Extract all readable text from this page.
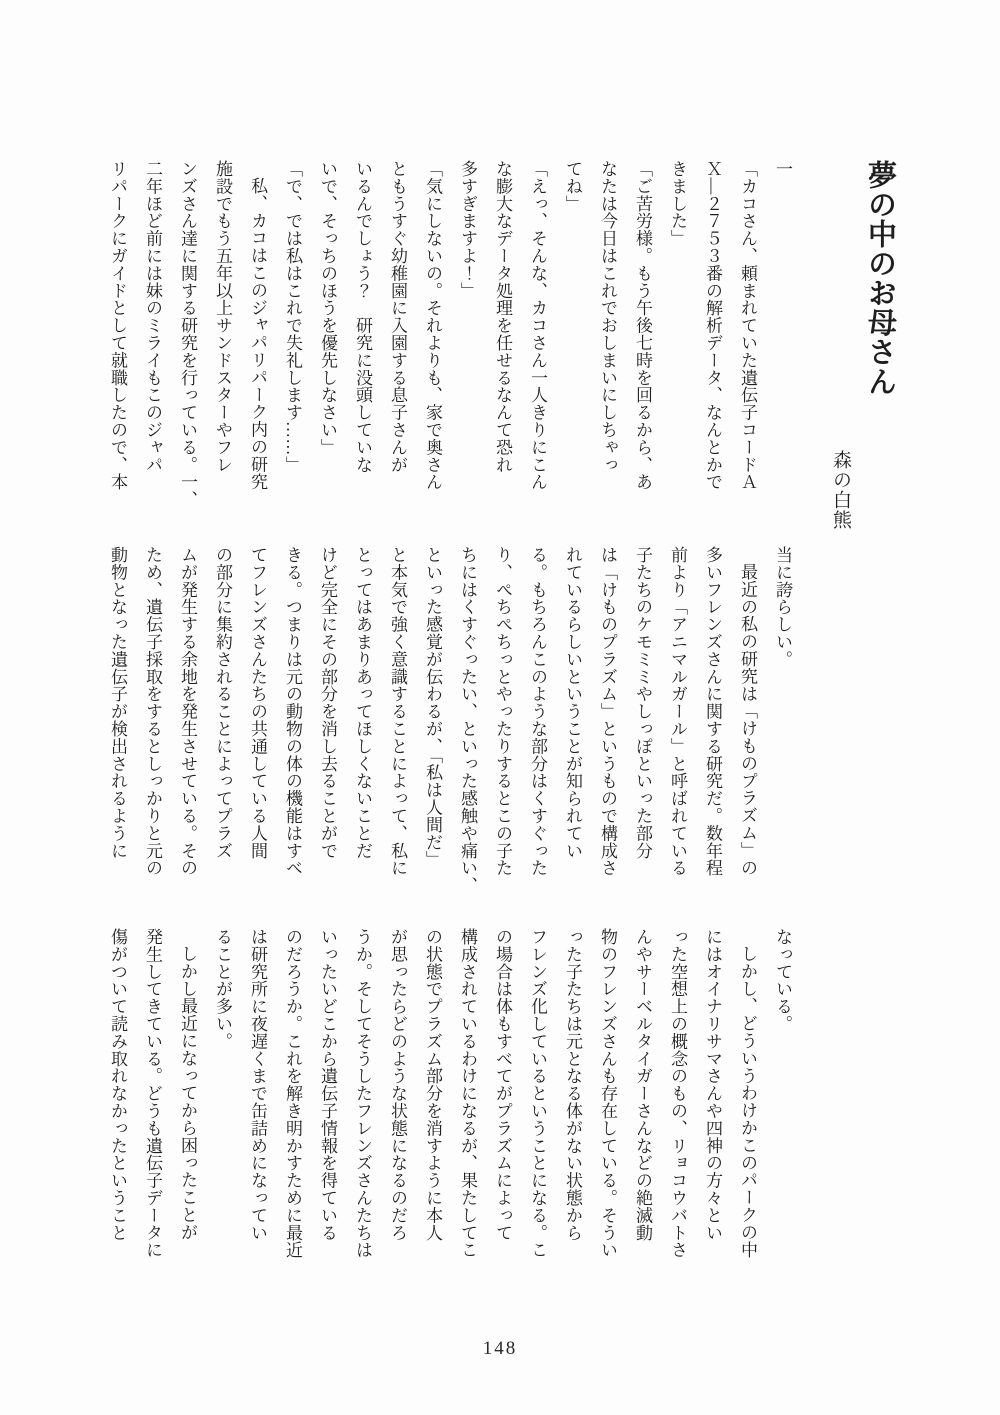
夢の中のお母さん
森の白熊
一
「カコさん、頼まれていた遺伝子コードＡ
Ｘ—２７５３番の解析データ、なんとかで
きました」
「ご苦労様。もう午後七時を回るから、あ
なたは今日はこれでおしまいにしちゃっ
てね」
「えっ、そんな、カコさん一人きりにこん
な膨大なデータ処理を任せるなんて恐れ
多すぎますよ！」
「気にしないの。それよりも、家で奥さん
ともうすぐ幼稚園に入園する息子さんが
いるんでしょう？　研究に没頭していな
いで、そっちのほうを優先しなさい」
「で、では私はこれで失礼します……」
私、カコはこのジャパリパーク内の研究
施設でもう五年以上サンドスターやフレ
ンズさん達に関する研究を行っている。一、
二年ほど前には妹のミライもこのジャパ
リパークにガイドとして就職したので、本
当に誇らしい。
最近の私の研究は「けものプラズム」の
多いフレンズさんに関する研究だ。数年程
前より「アニマルガール」と呼ばれている
子たちのケモミミやしっぽといった部分
は「けものプラズム」というもので構成さ
れているらしいということが知られてい
る。もちろんこのような部分はくすぐった
り、ぺちぺちっとやったりするとこの子た
ちにはくすぐったい、といった感触や痛い、
といった感覚が伝わるが、「私は人間だ」
と本気で強く意識することによって、私に
とってはあまりあってほしくないことだ
けど完全にその部分を消し去ることがで
きる。つまりは元の動物の体の機能はすべ
てフレンズさんたちの共通している人間
の部分に集約されることによってプラズ
ムが発生する余地を発生させている。その
ため、遺伝子採取をするとしっかりと元の
動物となった遺伝子が検出されるように
なっている。
しかし、どういうわけかこのパークの中
にはオイナリサマさんや四神の方々とい
った空想上の概念のもの、リョコウバトさ
んやサーベルタイガーさんなどの絶滅動
物のフレンズさんも存在している。そうい
った子たちは元となる体がない状態から
フレンズ化しているということになる。こ
の場合は体もすべてがプラズムによって
構成されているわけになるが、果たしてこ
の状態でプラズム部分を消すように本人
が思ったらどのような状態になるのだろ
うか。そしてそうしたフレンズさんたちは
いったいどこから遺伝子情報を得ている
のだろうか。これを解き明かすために最近
は研究所に夜遅くまで缶詰めになってい
ることが多い。
しかし最近になってから困ったことが
発生してきている。どうも遺伝子データに
傷がついて読み取れなかったということ
148
